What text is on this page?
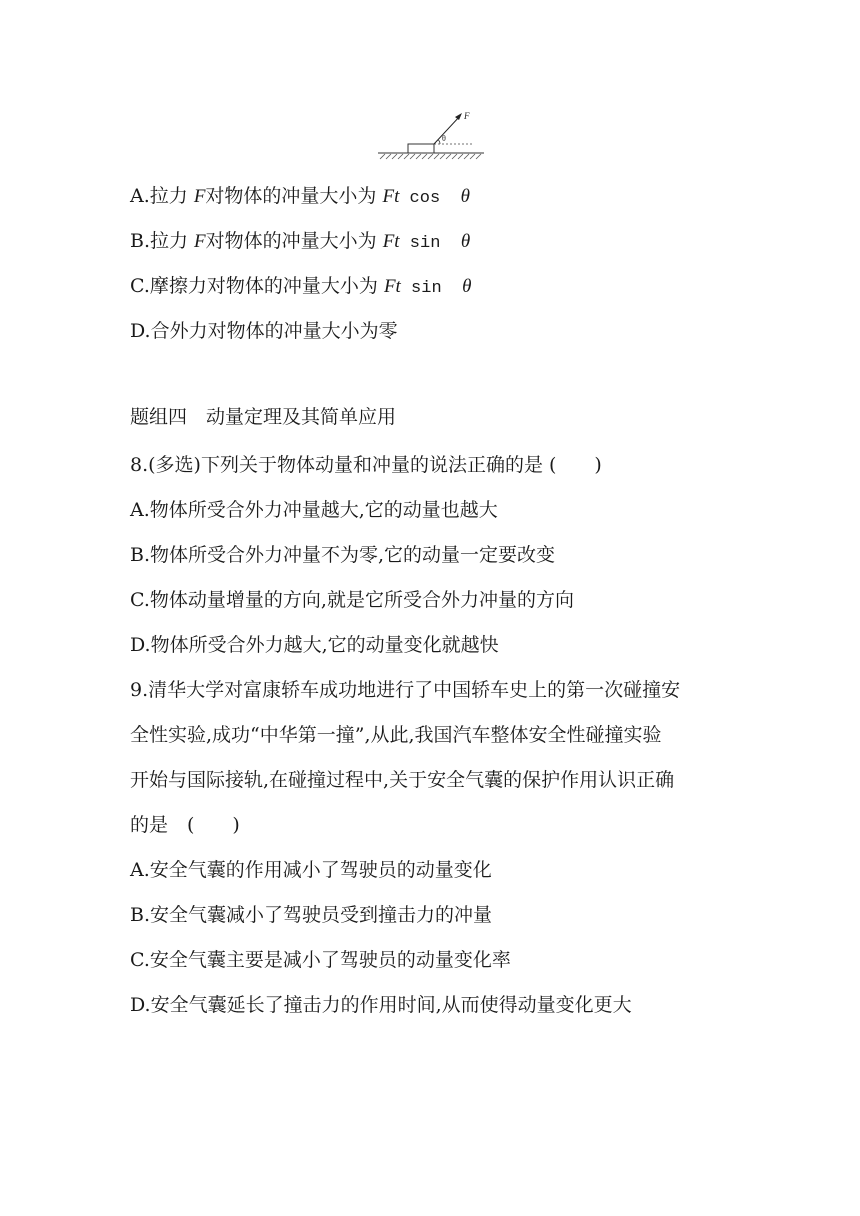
F
θ
A.拉力 F对物体的冲量大小为 Ft cos  θ
B.拉力 F对物体的冲量大小为 Ft sin  θ
C.摩擦力对物体的冲量大小为 Ft sin  θ
D.合外力对物体的冲量大小为零
题组四　动量定理及其简单应用
8.(多选)下列关于物体动量和冲量的说法正确的是 (　　)
A.物体所受合外力冲量越大,它的动量也越大
B.物体所受合外力冲量不为零,它的动量一定要改变
C.物体动量增量的方向,就是它所受合外力冲量的方向
D.物体所受合外力越大,它的动量变化就越快
9.清华大学对富康轿车成功地进行了中国轿车史上的第一次碰撞安
全性实验,成功“中华第一撞”,从此,我国汽车整体安全性碰撞实验
开始与国际接轨,在碰撞过程中,关于安全气囊的保护作用认识正确
的是　(　　)
A.安全气囊的作用减小了驾驶员的动量变化
B.安全气囊减小了驾驶员受到撞击力的冲量
C.安全气囊主要是减小了驾驶员的动量变化率
D.安全气囊延长了撞击力的作用时间,从而使得动量变化更大
